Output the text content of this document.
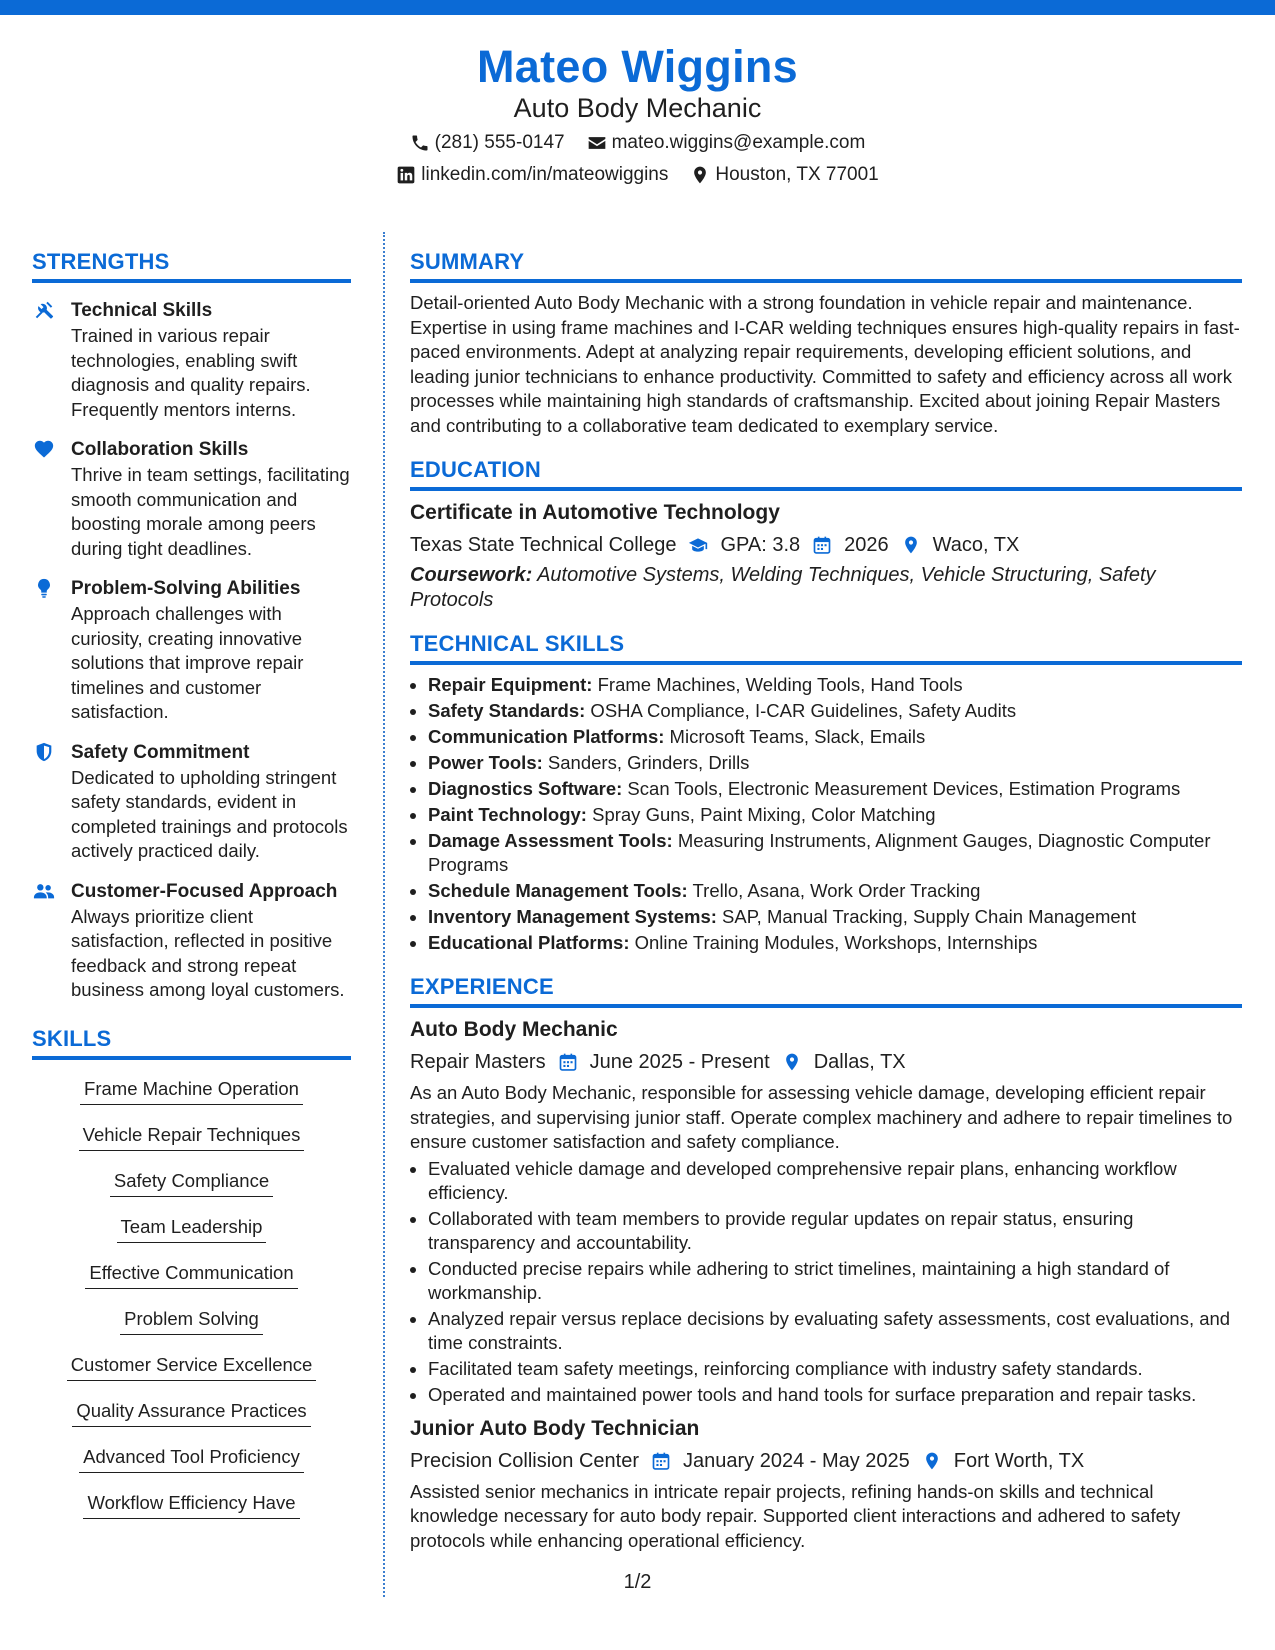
Mateo Wiggins
Auto Body Mechanic
(281) 555-0147 mateo.wiggins@example.com
linkedin.com/in/mateowiggins Houston, TX 77001
STRENGTHS
Technical Skills
Trained in various repair technologies, enabling swift diagnosis and quality repairs. Frequently mentors interns.
Collaboration Skills
Thrive in team settings, facilitating smooth communication and boosting morale among peers during tight deadlines.
Problem-Solving Abilities
Approach challenges with curiosity, creating innovative solutions that improve repair timelines and customer satisfaction.
Safety Commitment
Dedicated to upholding stringent safety standards, evident in completed trainings and protocols actively practiced daily.
Customer-Focused Approach
Always prioritize client satisfaction, reflected in positive feedback and strong repeat business among loyal customers.
SKILLS
Frame Machine Operation
Vehicle Repair Techniques
Safety Compliance
Team Leadership
Effective Communication
Problem Solving
Customer Service Excellence
Quality Assurance Practices
Advanced Tool Proficiency
Workflow Efficiency Have
SUMMARY
Detail-oriented Auto Body Mechanic with a strong foundation in vehicle repair and maintenance. Expertise in using frame machines and I-CAR welding techniques ensures high-quality repairs in fast-paced environments. Adept at analyzing repair requirements, developing efficient solutions, and leading junior technicians to enhance productivity. Committed to safety and efficiency across all work processes while maintaining high standards of craftsmanship. Excited about joining Repair Masters and contributing to a collaborative team dedicated to exemplary service.
EDUCATION
Certificate in Automotive Technology
Texas State Technical College GPA: 3.8 2026 Waco, TX
Coursework: Automotive Systems, Welding Techniques, Vehicle Structuring, Safety Protocols
TECHNICAL SKILLS
• Repair Equipment: Frame Machines, Welding Tools, Hand Tools
• Safety Standards: OSHA Compliance, I-CAR Guidelines, Safety Audits
• Communication Platforms: Microsoft Teams, Slack, Emails
• Power Tools: Sanders, Grinders, Drills
• Diagnostics Software: Scan Tools, Electronic Measurement Devices, Estimation Programs
• Paint Technology: Spray Guns, Paint Mixing, Color Matching
• Damage Assessment Tools: Measuring Instruments, Alignment Gauges, Diagnostic Computer Programs
• Schedule Management Tools: Trello, Asana, Work Order Tracking
• Inventory Management Systems: SAP, Manual Tracking, Supply Chain Management
• Educational Platforms: Online Training Modules, Workshops, Internships
EXPERIENCE
Auto Body Mechanic
Repair Masters June 2025 - Present Dallas, TX
As an Auto Body Mechanic, responsible for assessing vehicle damage, developing efficient repair strategies, and supervising junior staff. Operate complex machinery and adhere to repair timelines to ensure customer satisfaction and safety compliance.
• Evaluated vehicle damage and developed comprehensive repair plans, enhancing workflow efficiency.
• Collaborated with team members to provide regular updates on repair status, ensuring transparency and accountability.
• Conducted precise repairs while adhering to strict timelines, maintaining a high standard of workmanship.
• Analyzed repair versus replace decisions by evaluating safety assessments, cost evaluations, and time constraints.
• Facilitated team safety meetings, reinforcing compliance with industry safety standards.
• Operated and maintained power tools and hand tools for surface preparation and repair tasks.
Junior Auto Body Technician
Precision Collision Center January 2024 - May 2025 Fort Worth, TX
Assisted senior mechanics in intricate repair projects, refining hands-on skills and technical knowledge necessary for auto body repair. Supported client interactions and adhered to safety protocols while enhancing operational efficiency.
1/2
